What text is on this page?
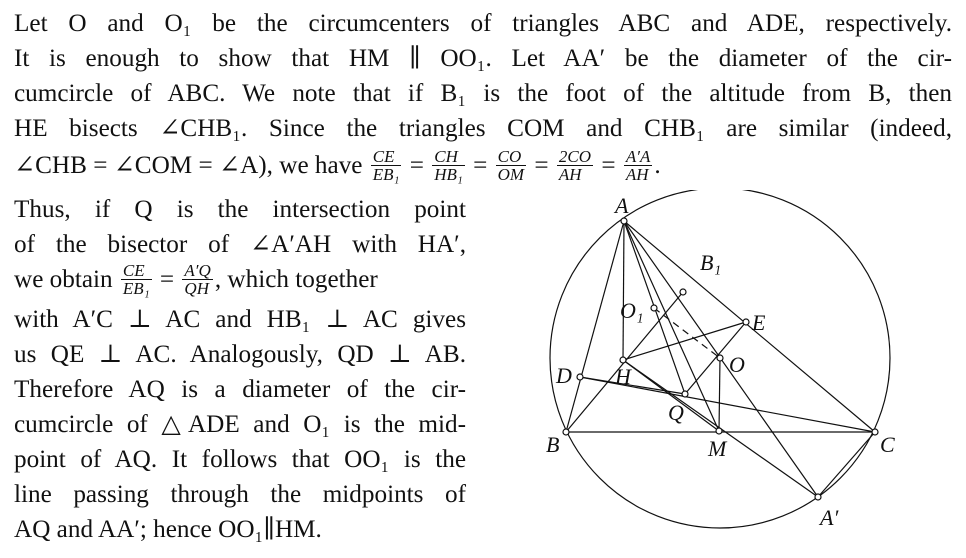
Let O and O₁ be the circumcenters of triangles ABC and ADE, respectively.
It is enough to show that HM ∥ OO₁. Let AA′ be the diameter of the cir-
cumcircle of ABC. We note that if B₁ is the foot of the altitude from B, then
HE bisects ∠CHB₁. Since the triangles COM and CHB₁ are similar (indeed,
∠CHB = ∠COM = ∠A), we have $\frac{CE}{\text{EB₁}} = \frac{CH}{\text{HB₁}} = \frac{CO}{OM} = \frac{2CO}{AH} = \frac{A'A}{AH}$ .
Thus, if Q is the intersection point
of the bisector of ∠A′AH with HA′,
we obtain $\frac{CE}{\text{EB₁}} = \frac{A'Q}{QH}$ , which together
with A′C ⊥ AC and HB₁ ⊥ AC gives
us QE ⊥ AC. Analogously, QD ⊥ AB.
Therefore AQ is a diameter of the cir-
cumcircle of △ADE and O₁ is the mid-
point of AQ. It follows that OO₁ is the
line passing through the midpoints of
AQ and AA′; hence OO₁∥HM.
A
B	C
D
E
H
M
O
O₁
B₁
Q
A′
